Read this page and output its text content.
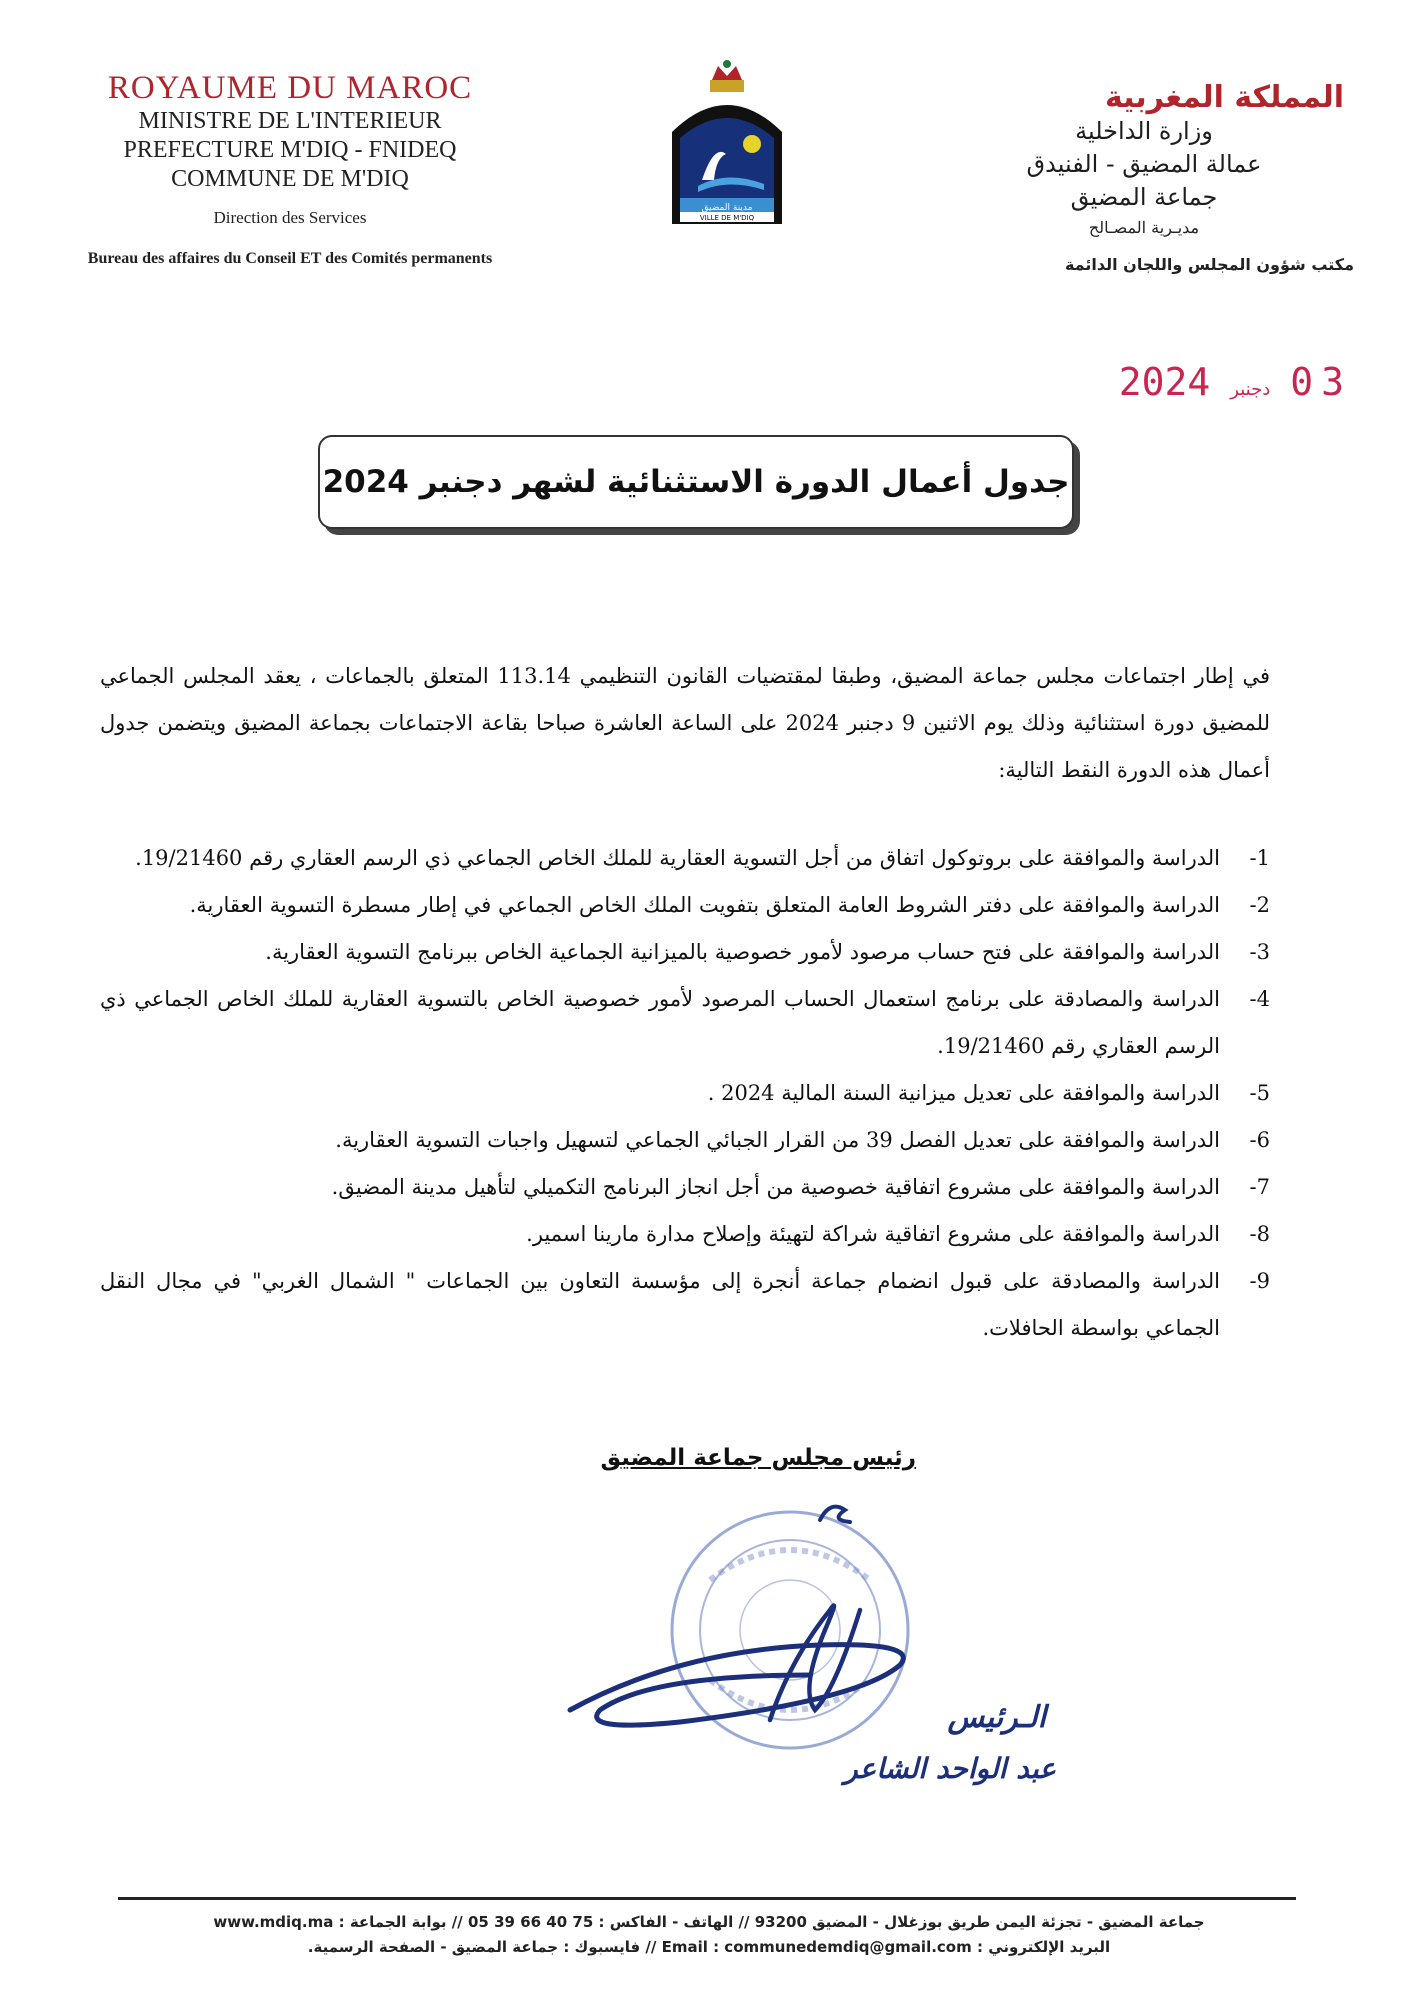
ROYAUME DU MAROC
MINISTRE DE L'INTERIEUR
PREFECTURE M'DIQ - FNIDEQ
COMMUNE DE M'DIQ
Direction des Services
Bureau des affaires du Conseil ET des Comités permanents
مدينة المضيق
VILLE DE M'DIQ
المملكة المغربية
وزارة الداخلية
عمالة المضيق - الفنيدق
جماعة المضيق
مديـرية المصـالح
مكتب شؤون المجلس واللجان الدائمة
03
دجنبر
2024
جدول أعمال الدورة الاستثنائية لشهر دجنبر 2024

في إطار اجتماعات مجلس جماعة المضيق، وطبقا لمقتضيات القانون التنظيمي 113.14 المتعلق بالجماعات ، يعقد المجلس الجماعي للمضيق دورة استثنائية وذلك يوم الاثنين 9 دجنبر 2024 على الساعة العاشرة صباحا بقاعة الاجتماعات بجماعة المضيق ويتضمن جدول أعمال هذه الدورة النقط التالية:

-1
الدراسة والموافقة على بروتوكول اتفاق من أجل التسوية العقارية للملك الخاص الجماعي ذي الرسم العقاري رقم 19/21460.
-2
الدراسة والموافقة على دفتر الشروط العامة المتعلق بتفويت الملك الخاص الجماعي في إطار مسطرة التسوية العقارية.
-3
الدراسة والموافقة على فتح حساب مرصود لأمور خصوصية بالميزانية الجماعية الخاص ببرنامج التسوية العقارية.
-4
الدراسة والمصادقة على برنامج استعمال الحساب المرصود لأمور خصوصية الخاص بالتسوية العقارية للملك الخاص الجماعي ذي الرسم العقاري رقم 19/21460.
-5
الدراسة والموافقة على تعديل ميزانية السنة المالية 2024 .
-6
الدراسة والموافقة على تعديل الفصل 39 من القرار الجبائي الجماعي لتسهيل واجبات التسوية العقارية.
-7
الدراسة والموافقة على مشروع اتفاقية خصوصية من أجل انجاز البرنامج التكميلي لتأهيل مدينة المضيق.
-8
الدراسة والموافقة على مشروع اتفاقية شراكة لتهيئة وإصلاح مدارة مارينا اسمير.
-9
الدراسة والمصادقة على قبول انضمام جماعة أنجرة إلى مؤسسة التعاون بين الجماعات " الشمال الغربي" في مجال النقل الجماعي بواسطة الحافلات.
رئيس مجلس جماعة المضيق
الـرئيس
عبد الواحد الشاعر
جماعة المضيق - تجزئة اليمن طريق بوزغلال - المضيق 93200 // الهاتف - الفاكس : 75 40 66 39 05 // بوابة الجماعة : www.mdiq.ma
البريد الإلكتروني : Email : communedemdiq@gmail.com // فايسبوك : جماعة المضيق - الصفحة الرسمية.
